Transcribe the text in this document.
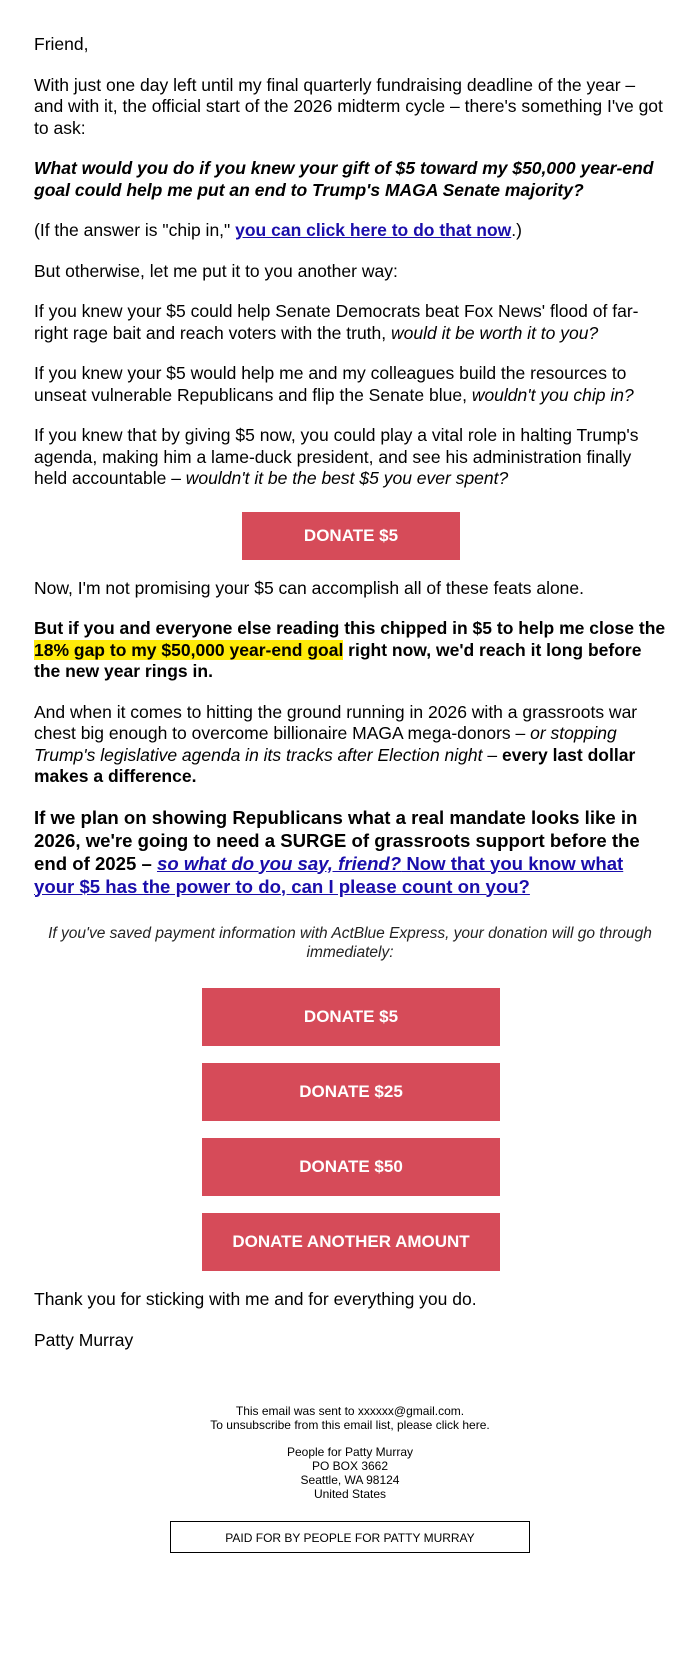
Friend,

With just one day left until my final quarterly fundraising deadline of the year – and with it, the official start of the 2026 midterm cycle – there's something I've got to ask:

What would you do if you knew your gift of $5 toward my $50,000 year-end goal could help me put an end to Trump's MAGA Senate majority?

(If the answer is "chip in," you can click here to do that now.)

But otherwise, let me put it to you another way:

If you knew your $5 could help Senate Democrats beat Fox News' flood of far-right rage bait and reach voters with the truth, would it be worth it to you?

If you knew your $5 would help me and my colleagues build the resources to unseat vulnerable Republicans and flip the Senate blue, wouldn't you chip in?

If you knew that by giving $5 now, you could play a vital role in halting Trump's agenda, making him a lame-duck president, and see his administration finally held accountable – wouldn't it be the best $5 you ever spent?

DONATE $5

Now, I'm not promising your $5 can accomplish all of these feats alone.

But if you and everyone else reading this chipped in $5 to help me close the 18% gap to my $50,000 year-end goal right now, we'd reach it long before the new year rings in.

And when it comes to hitting the ground running in 2026 with a grassroots war chest big enough to overcome billionaire MAGA mega-donors – or stopping Trump's legislative agenda in its tracks after Election night – every last dollar makes a difference.

If we plan on showing Republicans what a real mandate looks like in 2026, we're going to need a SURGE of grassroots support before the end of 2025 – so what do you say, friend? Now that you know what your $5 has the power to do, can I please count on you?

If you've saved payment information with ActBlue Express, your donation will go through immediately:

DONATE $5
DONATE $25
DONATE $50
DONATE ANOTHER AMOUNT

Thank you for sticking with me and for everything you do.

Patty Murray

This email was sent to xxxxxx@gmail.com.
To unsubscribe from this email list, please click here.
People for Patty Murray
PO BOX 3662
Seattle, WA 98124
United States
PAID FOR BY PEOPLE FOR PATTY MURRAY
